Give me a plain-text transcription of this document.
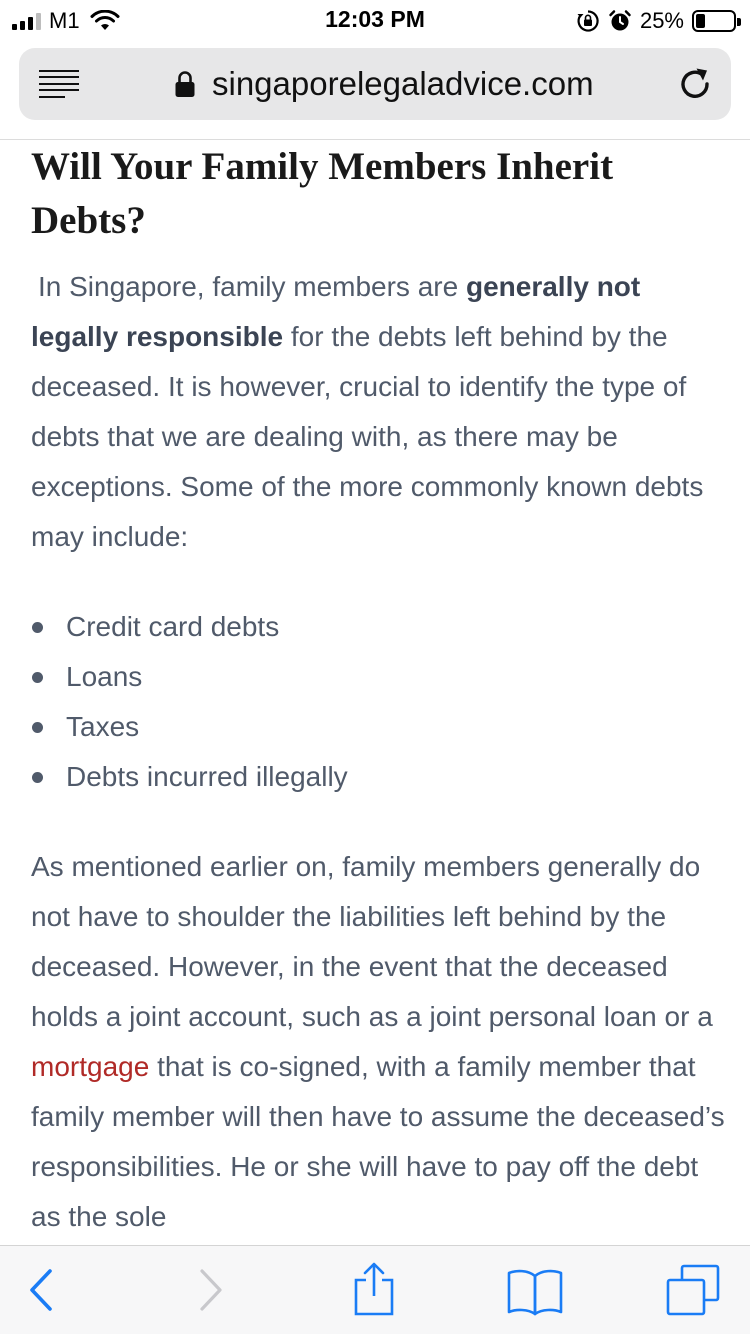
M1	12:03 PM	25%
singaporelegaladvice.com
Will Your Family Members Inherit Debts?

In Singapore, family members are generally not legally responsible for the debts left behind by the deceased. It is however, crucial to identify the type of debts that we are dealing with, as there may be exceptions. Some of the more commonly known debts may include:

Credit card debts
Loans
Taxes
Debts incurred illegally

As mentioned earlier on, family members generally do not have to shoulder the liabilities left behind by the deceased. However, in the event that the deceased holds a joint account, such as a joint personal loan or a mortgage that is co-signed, with a family member that family member will then have to assume the deceased’s responsibilities. He or she will have to pay off the debt as the sole
